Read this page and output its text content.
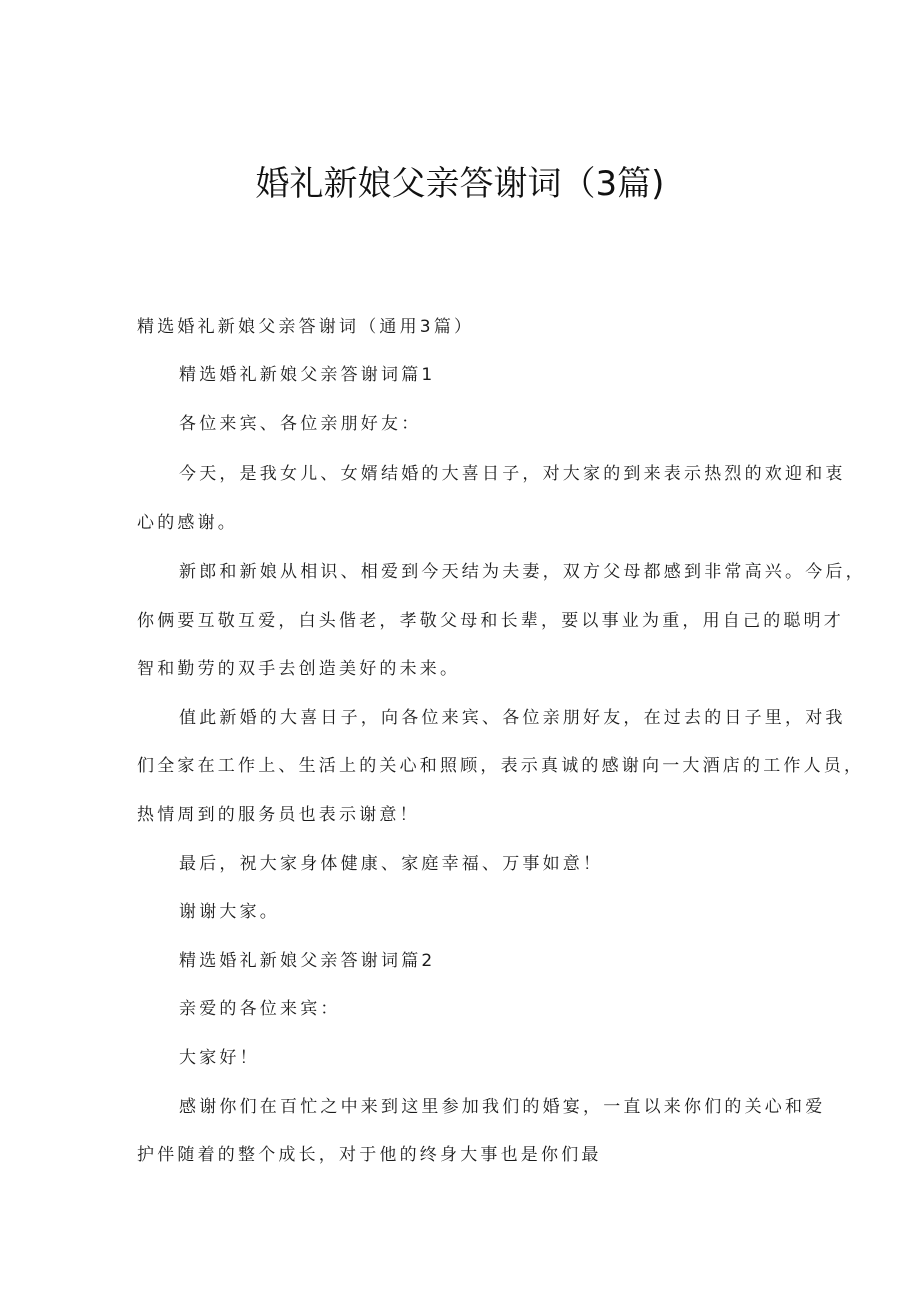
婚礼新娘父亲答谢词（3篇)
精选婚礼新娘父亲答谢词（通用3篇）
精选婚礼新娘父亲答谢词篇1
各位来宾、各位亲朋好友：
今天，是我女儿、女婿结婚的大喜日子，对大家的到来表示热烈的欢迎和衷
心的感谢。
新郎和新娘从相识、相爱到今天结为夫妻，双方父母都感到非常高兴。今后，
你俩要互敬互爱，白头偕老，孝敬父母和长辈，要以事业为重，用自己的聪明才
智和勤劳的双手去创造美好的未来。
值此新婚的大喜日子，向各位来宾、各位亲朋好友，在过去的日子里，对我
们全家在工作上、生活上的关心和照顾，表示真诚的感谢向一大酒店的工作人员，
热情周到的服务员也表示谢意！
最后，祝大家身体健康、家庭幸福、万事如意！
谢谢大家。
精选婚礼新娘父亲答谢词篇2
亲爱的各位来宾：
大家好！
感谢你们在百忙之中来到这里参加我们的婚宴，一直以来你们的关心和爱
护伴随着的整个成长，对于他的终身大事也是你们最
